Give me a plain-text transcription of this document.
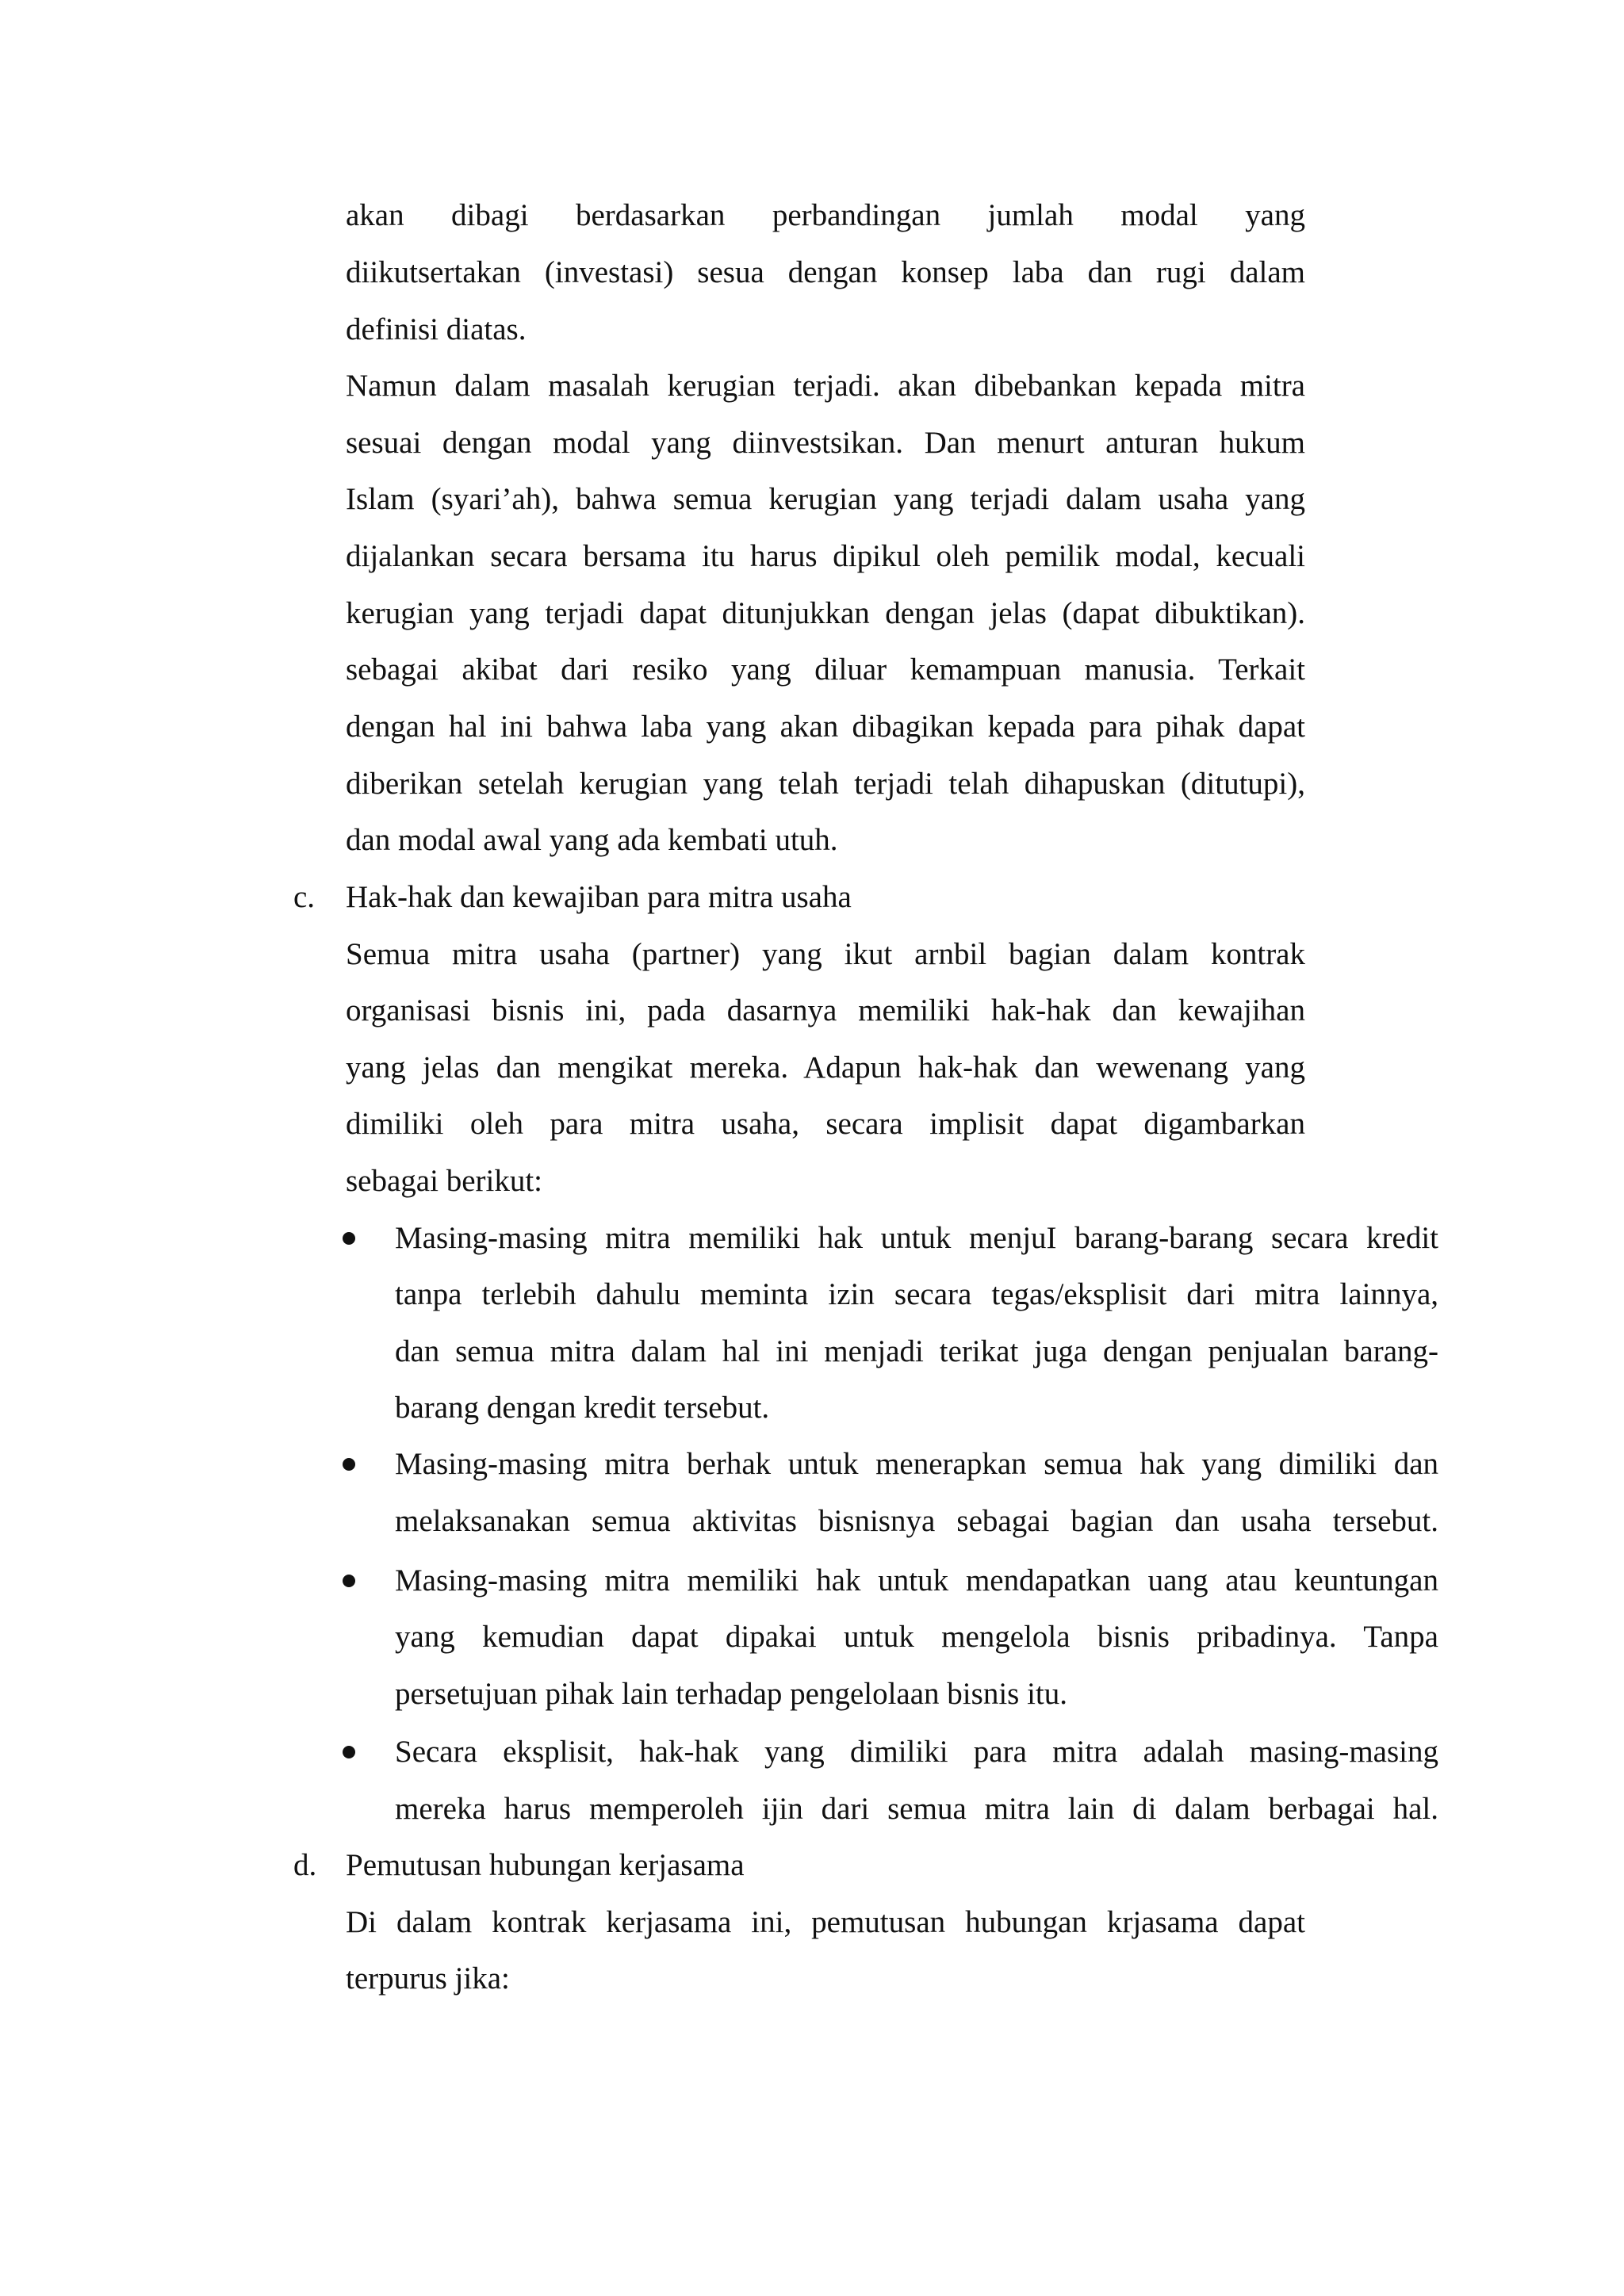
akan dibagi berdasarkan perbandingan jumlah modal yang
diikutsertakan (investasi) sesua dengan konsep laba dan rugi dalam
definisi diatas.
Namun dalam masalah kerugian terjadi. akan dibebankan kepada mitra
sesuai dengan modal yang diinvestsikan. Dan menurt anturan hukum
Islam (syari’ah), bahwa semua kerugian yang terjadi dalam usaha yang
dijalankan secara bersama itu harus dipikul oleh pemilik modal, kecuali
kerugian yang terjadi dapat ditunjukkan dengan jelas (dapat dibuktikan).
sebagai akibat dari resiko yang diluar kemampuan manusia. Terkait
dengan hal ini bahwa laba yang akan dibagikan kepada para pihak dapat
diberikan setelah kerugian yang telah terjadi telah dihapuskan (ditutupi),
dan modal awal yang ada kembati utuh.
c. Hak-hak dan kewajiban para mitra usaha
Semua mitra usaha (partner) yang ikut arnbil bagian dalam kontrak
organisasi bisnis ini, pada dasarnya memiliki hak-hak dan kewajihan
yang jelas dan mengikat mereka. Adapun hak-hak dan wewenang yang
dimiliki oleh para mitra usaha, secara implisit dapat digambarkan
sebagai berikut:
Masing-masing mitra memiliki hak untuk menjuI barang-barang secara kredit
tanpa terlebih dahulu meminta izin secara tegas/eksplisit dari mitra lainnya,
dan semua mitra dalam hal ini menjadi terikat juga dengan penjualan barang-
barang dengan kredit tersebut.
Masing-masing mitra berhak untuk menerapkan semua hak yang dimiliki dan
melaksanakan semua aktivitas bisnisnya sebagai bagian dan usaha tersebut.
Masing-masing mitra memiliki hak untuk mendapatkan uang atau keuntungan
yang kemudian dapat dipakai untuk mengelola bisnis pribadinya. Tanpa
persetujuan pihak lain terhadap pengelolaan bisnis itu.
Secara eksplisit, hak-hak yang dimiliki para mitra adalah masing-masing
mereka harus memperoleh ijin dari semua mitra lain di dalam berbagai hal.
d. Pemutusan hubungan kerjasama
Di dalam kontrak kerjasama ini, pemutusan hubungan krjasama dapat
terpurus jika:
